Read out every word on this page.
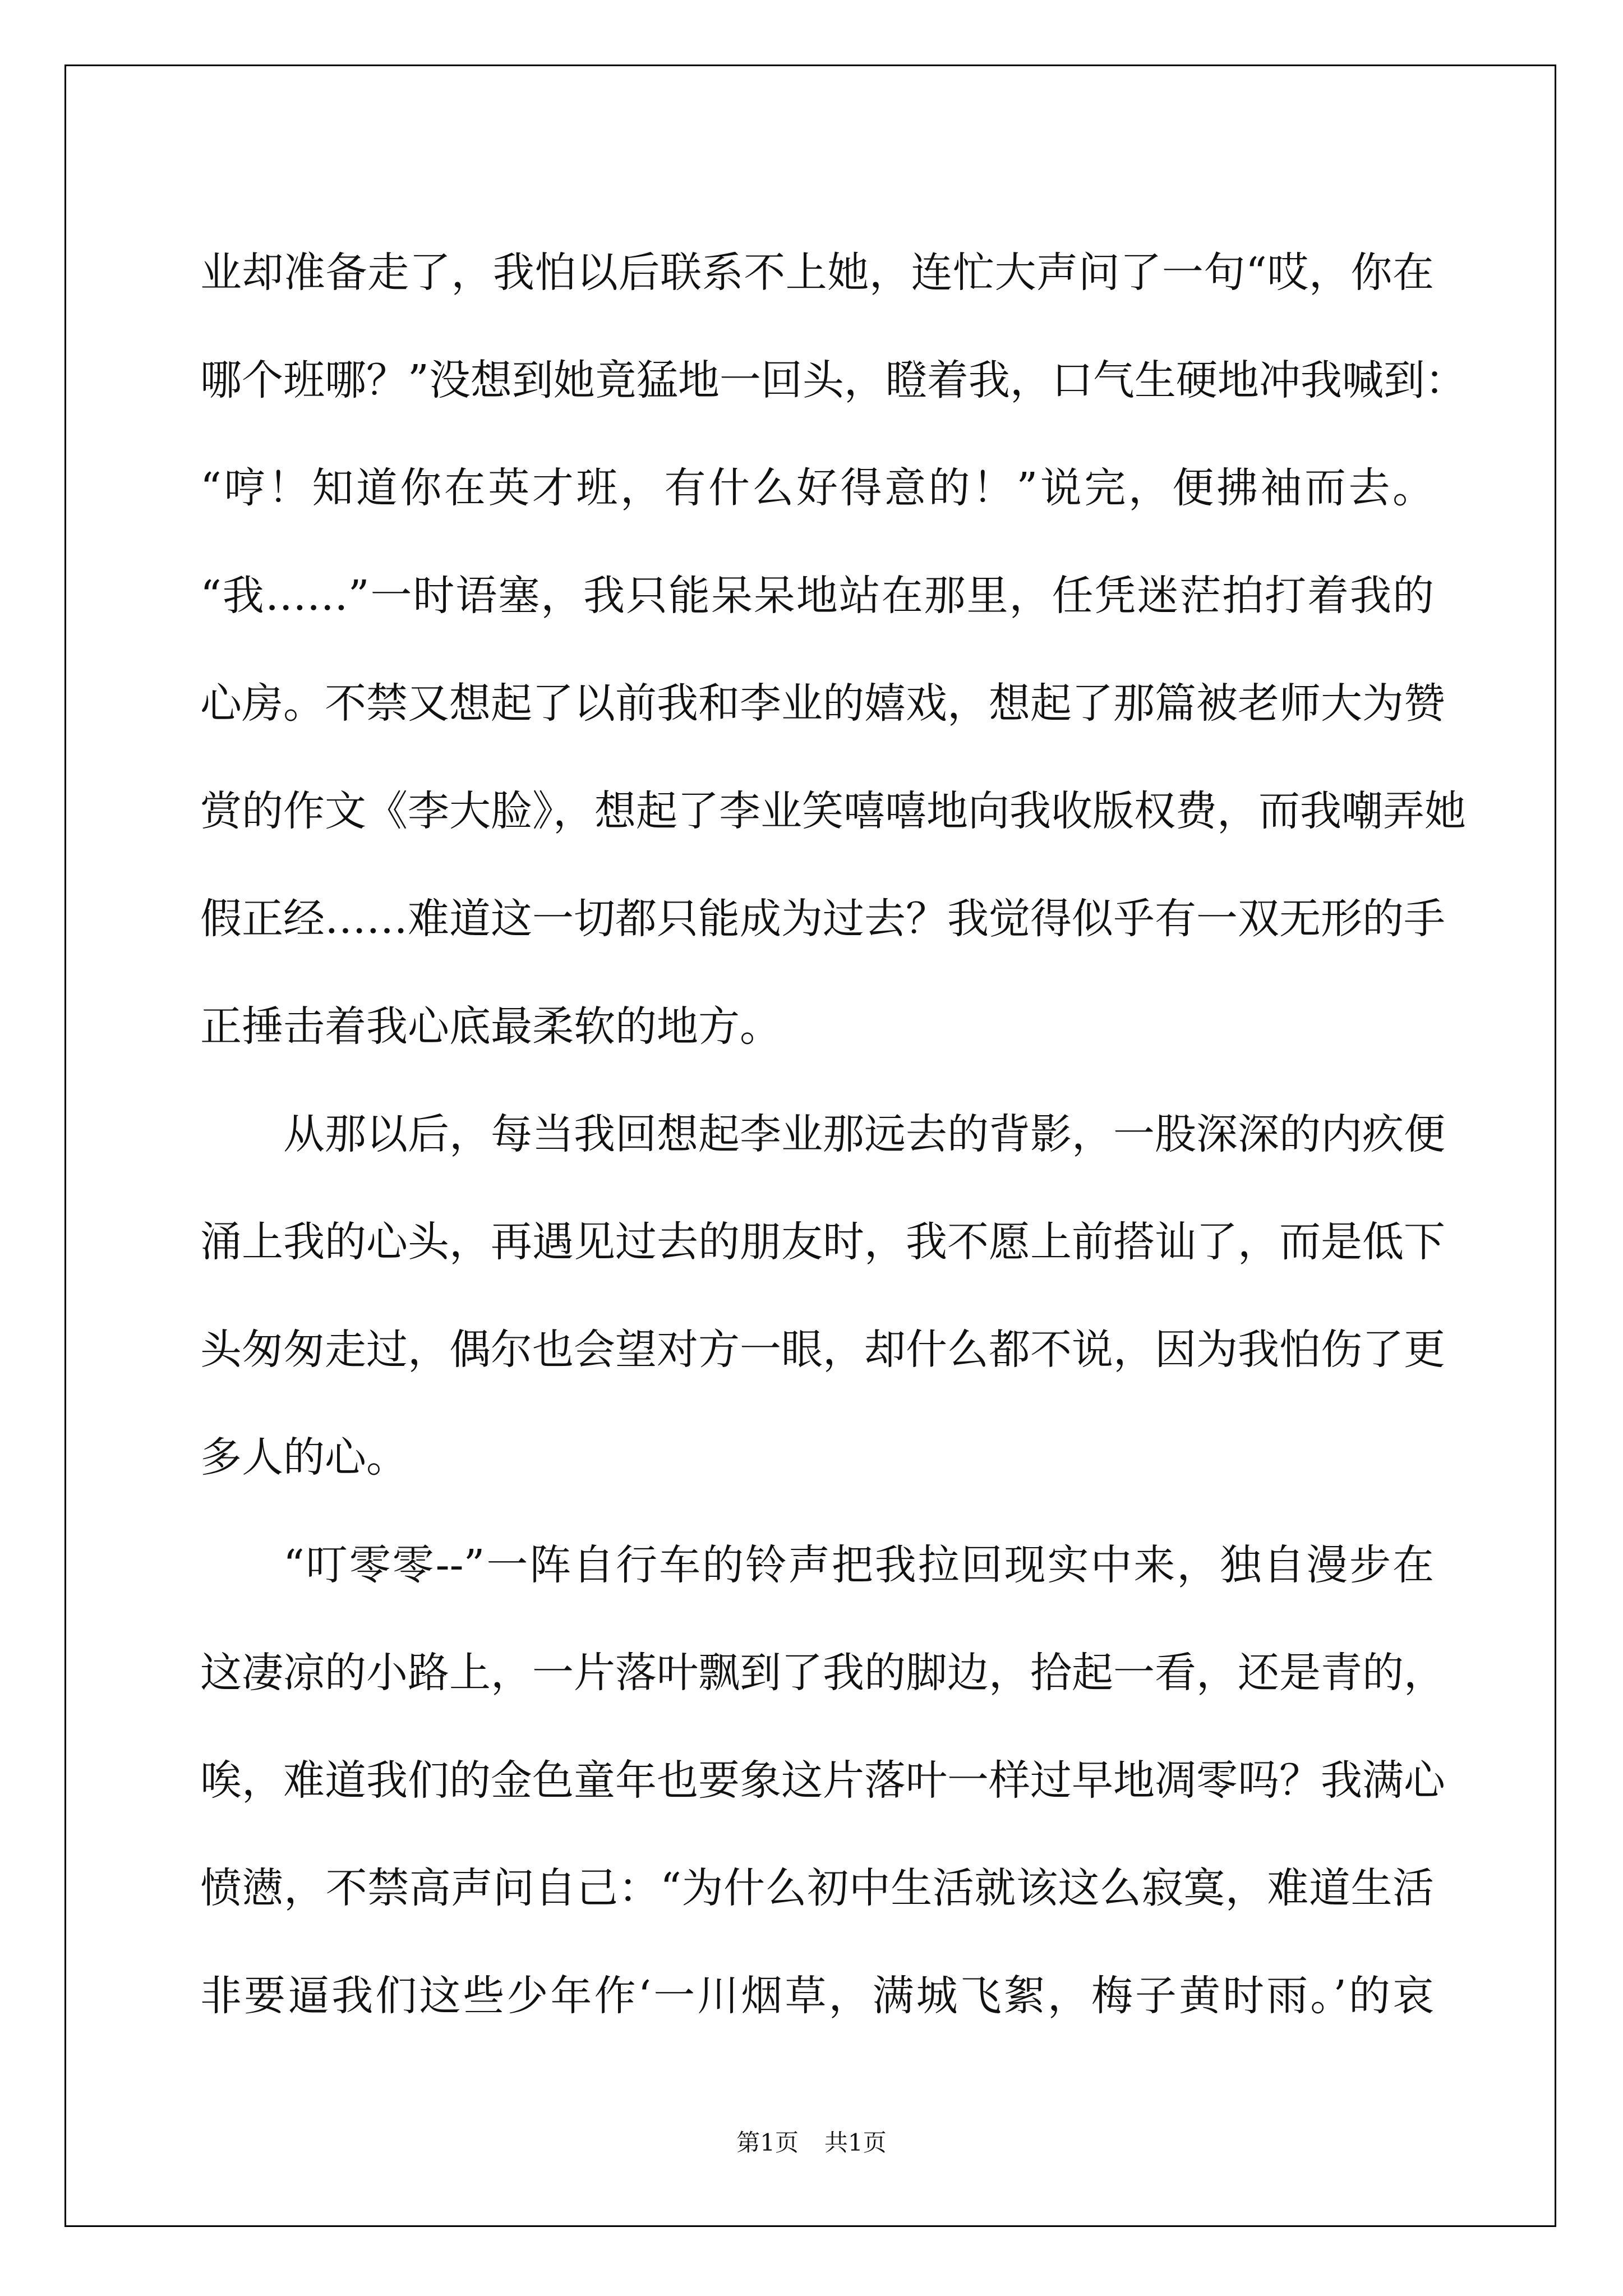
业却准备走了，我怕以后联系不上她，连忙大声问了一句“哎，你在
哪个班哪？”没想到她竟猛地一回头，瞪着我，口气生硬地冲我喊到：
“哼！知道你在英才班，有什么好得意的！”说完，便拂袖而去。
“我……”一时语塞，我只能呆呆地站在那里，任凭迷茫拍打着我的
心房。不禁又想起了以前我和李业的嬉戏，想起了那篇被老师大为赞
赏的作文《李大脸》，想起了李业笑嘻嘻地向我收版权费，而我嘲弄她
假正经……难道这一切都只能成为过去？我觉得似乎有一双无形的手
正捶击着我心底最柔软的地方。
从那以后，每当我回想起李业那远去的背影，一股深深的内疚便
涌上我的心头，再遇见过去的朋友时，我不愿上前搭讪了，而是低下
头匆匆走过，偶尔也会望对方一眼，却什么都不说，因为我怕伤了更
多人的心。
“叮零零--”一阵自行车的铃声把我拉回现实中来，独自漫步在
这凄凉的小路上，一片落叶飘到了我的脚边，拾起一看，还是青的，
唉，难道我们的金色童年也要象这片落叶一样过早地凋零吗？我满心
愤懑，不禁高声问自己：“为什么初中生活就该这么寂寞，难道生活
非要逼我们这些少年作‘一川烟草，满城飞絮，梅子黄时雨。’的哀
第1页 共1页
